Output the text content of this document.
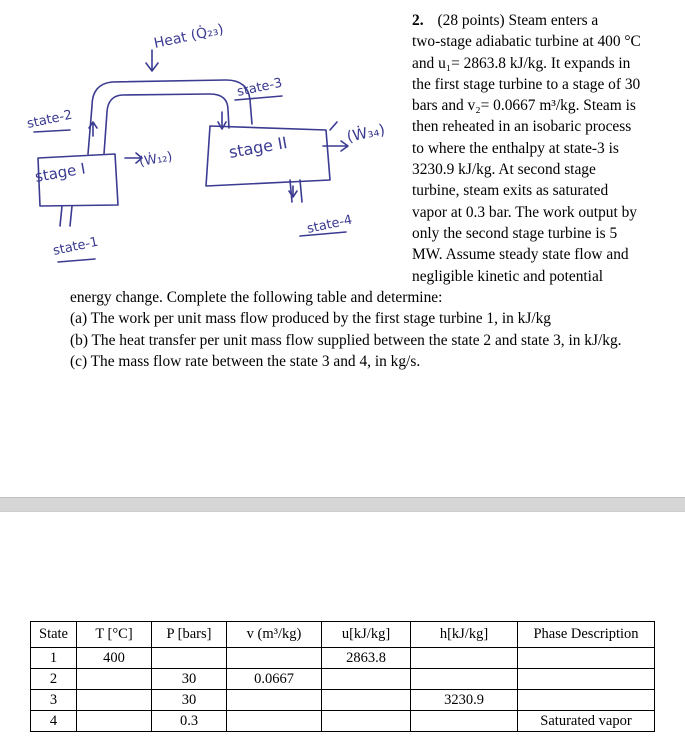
Heat (Q̇₂₃)
state-1
state-2
state-3
state-4
stage I
stage II
(Ẇ₁₂)
(Ẇ₃₄)
2. (28 points) Steam enters a
two-stage adiabatic turbine at 400 °C
and u₁= 2863.8 kJ/kg. It expands in
the first stage turbine to a stage of 30
bars and v₂= 0.0667 m³/kg. Steam is
then reheated in an isobaric process
to where the enthalpy at state-3 is
3230.9 kJ/kg. At second stage
turbine, steam exits as saturated
vapor at 0.3 bar. The work output by
only the second stage turbine is 5
MW. Assume steady state flow and
negligible kinetic and potential
energy change. Complete the following table and determine:
(a) The work per unit mass flow produced by the first stage turbine 1, in kJ/kg
(b) The heat transfer per unit mass flow supplied between the state 2 and state 3, in kJ/kg.
(c) The mass flow rate between the state 3 and 4, in kg/s.
State	T [°C]	P [bars]	v (m³/kg)	u[kJ/kg]	h[kJ/kg]	Phase Description
1	400			2863.8		
2		30	0.0667			
3		30			3230.9	
4		0.3				Saturated vapor
